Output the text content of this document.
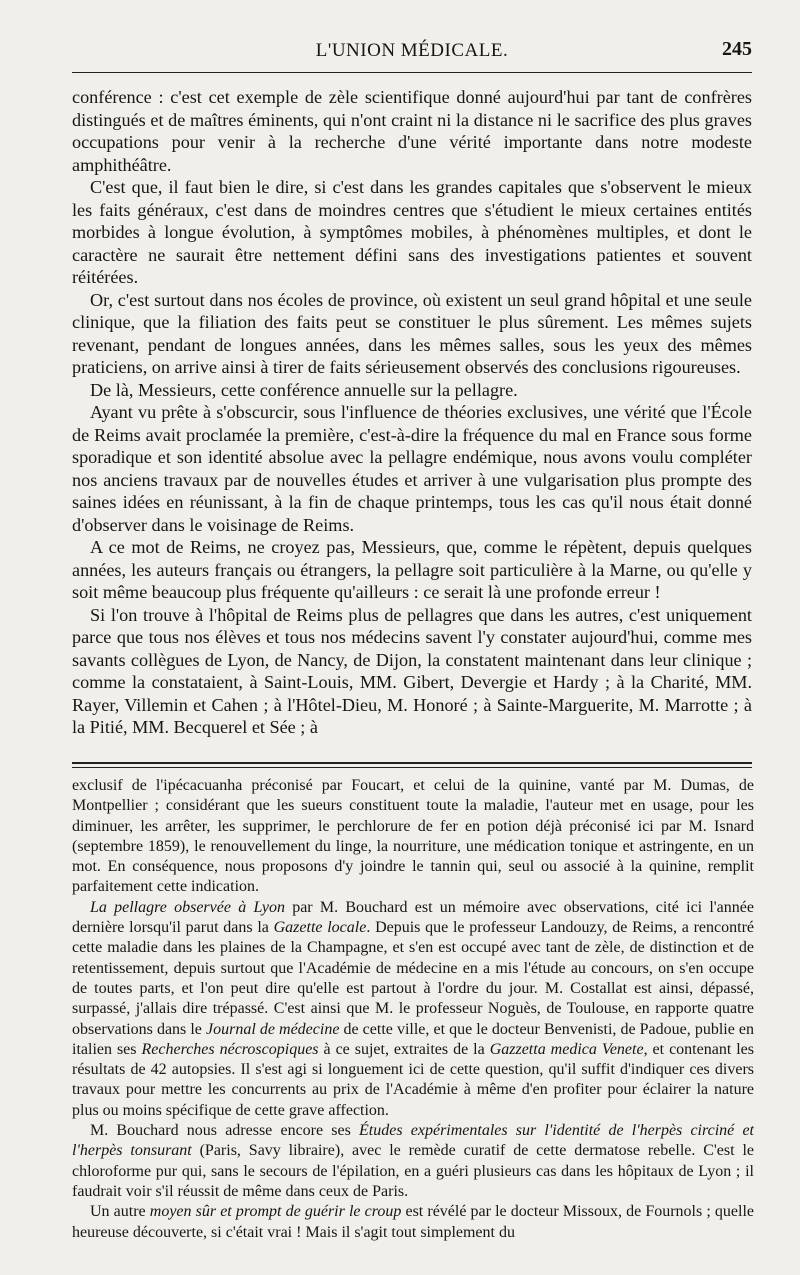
L'UNION MÉDICALE.	245

conférence : c'est cet exemple de zèle scientifique donné aujourd'hui par tant de confrères distingués et de maîtres éminents, qui n'ont craint ni la distance ni le sacrifice des plus graves occupations pour venir à la recherche d'une vérité importante dans notre modeste amphithéâtre.

C'est que, il faut bien le dire, si c'est dans les grandes capitales que s'observent le mieux les faits généraux, c'est dans de moindres centres que s'étudient le mieux certaines entités morbides à longue évolution, à symptômes mobiles, à phénomènes multiples, et dont le caractère ne saurait être nettement défini sans des investigations patientes et souvent réitérées.

Or, c'est surtout dans nos écoles de province, où existent un seul grand hôpital et une seule clinique, que la filiation des faits peut se constituer le plus sûrement. Les mêmes sujets revenant, pendant de longues années, dans les mêmes salles, sous les yeux des mêmes praticiens, on arrive ainsi à tirer de faits sérieusement observés des conclusions rigoureuses.

De là, Messieurs, cette conférence annuelle sur la pellagre.

Ayant vu prête à s'obscurcir, sous l'influence de théories exclusives, une vérité que l'École de Reims avait proclamée la première, c'est-à-dire la fréquence du mal en France sous forme sporadique et son identité absolue avec la pellagre endémique, nous avons voulu compléter nos anciens travaux par de nouvelles études et arriver à une vulgarisation plus prompte des saines idées en réunissant, à la fin de chaque printemps, tous les cas qu'il nous était donné d'observer dans le voisinage de Reims.

A ce mot de Reims, ne croyez pas, Messieurs, que, comme le répètent, depuis quelques années, les auteurs français ou étrangers, la pellagre soit particulière à la Marne, ou qu'elle y soit même beaucoup plus fréquente qu'ailleurs : ce serait là une profonde erreur !

Si l'on trouve à l'hôpital de Reims plus de pellagres que dans les autres, c'est uniquement parce que tous nos élèves et tous nos médecins savent l'y constater aujourd'hui, comme mes savants collègues de Lyon, de Nancy, de Dijon, la constatent maintenant dans leur clinique ; comme la constataient, à Saint-Louis, MM. Gibert, Devergie et Hardy ; à la Charité, MM. Rayer, Villemin et Cahen ; à l'Hôtel-Dieu, M. Honoré ; à Sainte-Marguerite, M. Marrotte ; à la Pitié, MM. Becquerel et Sée ; à

exclusif de l'ipécacuanha préconisé par Foucart, et celui de la quinine, vanté par M. Dumas, de Montpellier ; considérant que les sueurs constituent toute la maladie, l'auteur met en usage, pour les diminuer, les arrêter, les supprimer, le perchlorure de fer en potion déjà préconisé ici par M. Isnard (septembre 1859), le renouvellement du linge, la nourriture, une médication tonique et astringente, en un mot. En conséquence, nous proposons d'y joindre le tannin qui, seul ou associé à la quinine, remplit parfaitement cette indication.

La pellagre observée à Lyon par M. Bouchard est un mémoire avec observations, cité ici l'année dernière lorsqu'il parut dans la Gazette locale. Depuis que le professeur Landouzy, de Reims, a rencontré cette maladie dans les plaines de la Champagne, et s'en est occupé avec tant de zèle, de distinction et de retentissement, depuis surtout que l'Académie de médecine en a mis l'étude au concours, on s'en occupe de toutes parts, et l'on peut dire qu'elle est partout à l'ordre du jour. M. Costallat est ainsi, dépassé, surpassé, j'allais dire trépassé. C'est ainsi que M. le professeur Noguès, de Toulouse, en rapporte quatre observations dans le Journal de médecine de cette ville, et que le docteur Benvenisti, de Padoue, publie en italien ses Recherches nécroscopiques à ce sujet, extraites de la Gazzetta medica Venete, et contenant les résultats de 42 autopsies. Il s'est agi si longuement ici de cette question, qu'il suffit d'indiquer ces divers travaux pour mettre les concurrents au prix de l'Académie à même d'en profiter pour éclairer la nature plus ou moins spécifique de cette grave affection.

M. Bouchard nous adresse encore ses Études expérimentales sur l'identité de l'herpès circiné et l'herpès tonsurant (Paris, Savy libraire), avec le remède curatif de cette dermatose rebelle. C'est le chloroforme pur qui, sans le secours de l'épilation, en a guéri plusieurs cas dans les hôpitaux de Lyon ; il faudrait voir s'il réussit de même dans ceux de Paris.

Un autre moyen sûr et prompt de guérir le croup est révélé par le docteur Missoux, de Fournols ; quelle heureuse découverte, si c'était vrai ! Mais il s'agit tout simplement du
